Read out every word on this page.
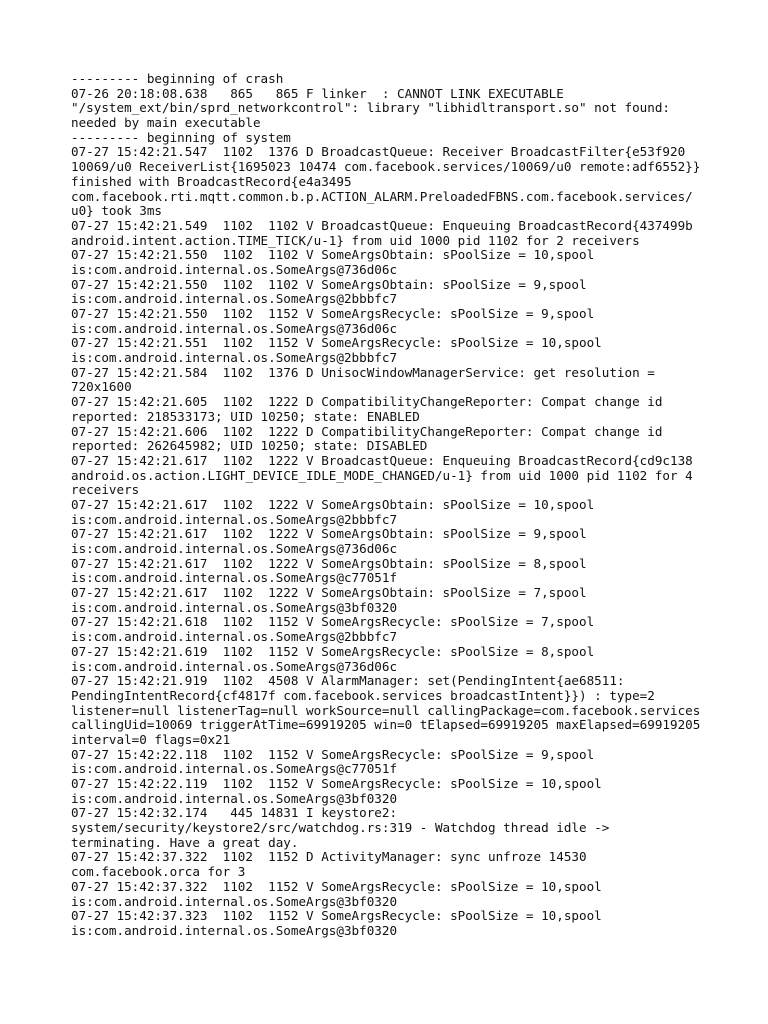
--------- beginning of crash
07-26 20:18:08.638   865   865 F linker  : CANNOT LINK EXECUTABLE
"/system_ext/bin/sprd_networkcontrol": library "libhidltransport.so" not found:
needed by main executable
--------- beginning of system
07-27 15:42:21.547  1102  1376 D BroadcastQueue: Receiver BroadcastFilter{e53f920
10069/u0 ReceiverList{1695023 10474 com.facebook.services/10069/u0 remote:adf6552}}
finished with BroadcastRecord{e4a3495
com.facebook.rti.mqtt.common.b.p.ACTION_ALARM.PreloadedFBNS.com.facebook.services/
u0} took 3ms
07-27 15:42:21.549  1102  1102 V BroadcastQueue: Enqueuing BroadcastRecord{437499b
android.intent.action.TIME_TICK/u-1} from uid 1000 pid 1102 for 2 receivers
07-27 15:42:21.550  1102  1102 V SomeArgsObtain: sPoolSize = 10,spool
is:com.android.internal.os.SomeArgs@736d06c
07-27 15:42:21.550  1102  1102 V SomeArgsObtain: sPoolSize = 9,spool
is:com.android.internal.os.SomeArgs@2bbbfc7
07-27 15:42:21.550  1102  1152 V SomeArgsRecycle: sPoolSize = 9,spool
is:com.android.internal.os.SomeArgs@736d06c
07-27 15:42:21.551  1102  1152 V SomeArgsRecycle: sPoolSize = 10,spool
is:com.android.internal.os.SomeArgs@2bbbfc7
07-27 15:42:21.584  1102  1376 D UnisocWindowManagerService: get resolution =
720x1600
07-27 15:42:21.605  1102  1222 D CompatibilityChangeReporter: Compat change id
reported: 218533173; UID 10250; state: ENABLED
07-27 15:42:21.606  1102  1222 D CompatibilityChangeReporter: Compat change id
reported: 262645982; UID 10250; state: DISABLED
07-27 15:42:21.617  1102  1222 V BroadcastQueue: Enqueuing BroadcastRecord{cd9c138
android.os.action.LIGHT_DEVICE_IDLE_MODE_CHANGED/u-1} from uid 1000 pid 1102 for 4
receivers
07-27 15:42:21.617  1102  1222 V SomeArgsObtain: sPoolSize = 10,spool
is:com.android.internal.os.SomeArgs@2bbbfc7
07-27 15:42:21.617  1102  1222 V SomeArgsObtain: sPoolSize = 9,spool
is:com.android.internal.os.SomeArgs@736d06c
07-27 15:42:21.617  1102  1222 V SomeArgsObtain: sPoolSize = 8,spool
is:com.android.internal.os.SomeArgs@c77051f
07-27 15:42:21.617  1102  1222 V SomeArgsObtain: sPoolSize = 7,spool
is:com.android.internal.os.SomeArgs@3bf0320
07-27 15:42:21.618  1102  1152 V SomeArgsRecycle: sPoolSize = 7,spool
is:com.android.internal.os.SomeArgs@2bbbfc7
07-27 15:42:21.619  1102  1152 V SomeArgsRecycle: sPoolSize = 8,spool
is:com.android.internal.os.SomeArgs@736d06c
07-27 15:42:21.919  1102  4508 V AlarmManager: set(PendingIntent{ae68511:
PendingIntentRecord{cf4817f com.facebook.services broadcastIntent}}) : type=2
listener=null listenerTag=null workSource=null callingPackage=com.facebook.services
callingUid=10069 triggerAtTime=69919205 win=0 tElapsed=69919205 maxElapsed=69919205
interval=0 flags=0x21
07-27 15:42:22.118  1102  1152 V SomeArgsRecycle: sPoolSize = 9,spool
is:com.android.internal.os.SomeArgs@c77051f
07-27 15:42:22.119  1102  1152 V SomeArgsRecycle: sPoolSize = 10,spool
is:com.android.internal.os.SomeArgs@3bf0320
07-27 15:42:32.174   445 14831 I keystore2:
system/security/keystore2/src/watchdog.rs:319 - Watchdog thread idle ->
terminating. Have a great day.
07-27 15:42:37.322  1102  1152 D ActivityManager: sync unfroze 14530
com.facebook.orca for 3
07-27 15:42:37.322  1102  1152 V SomeArgsRecycle: sPoolSize = 10,spool
is:com.android.internal.os.SomeArgs@3bf0320
07-27 15:42:37.323  1102  1152 V SomeArgsRecycle: sPoolSize = 10,spool
is:com.android.internal.os.SomeArgs@3bf0320
